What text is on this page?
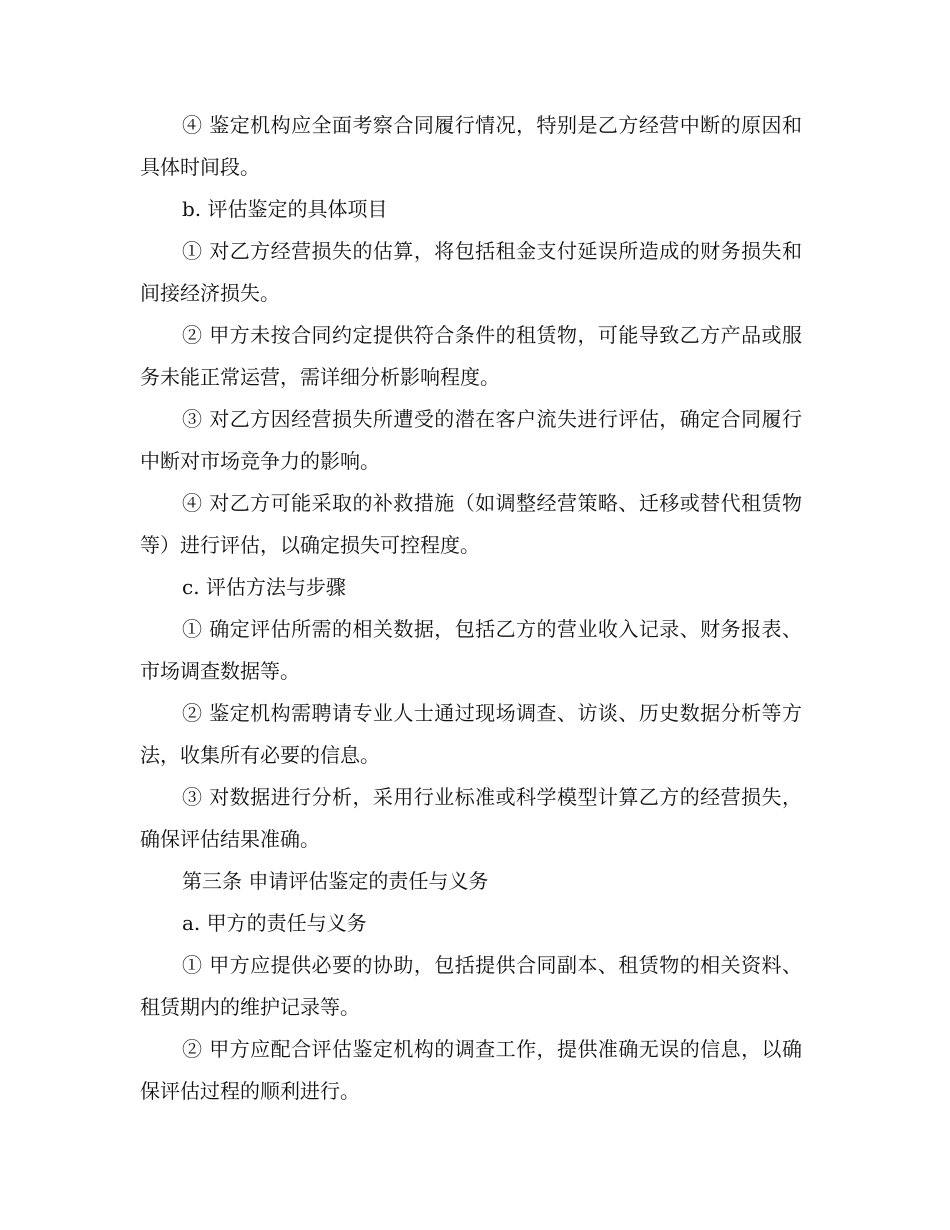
④ 鉴定机构应全面考察合同履行情况，特别是乙方经营中断的原因和具体时间段。

b. 评估鉴定的具体项目

① 对乙方经营损失的估算，将包括租金支付延误所造成的财务损失和间接经济损失。

② 甲方未按合同约定提供符合条件的租赁物，可能导致乙方产品或服务未能正常运营，需详细分析影响程度。

③ 对乙方因经营损失所遭受的潜在客户流失进行评估，确定合同履行中断对市场竞争力的影响。

④ 对乙方可能采取的补救措施（如调整经营策略、迁移或替代租赁物等）进行评估，以确定损失可控程度。

c. 评估方法与步骤

① 确定评估所需的相关数据，包括乙方的营业收入记录、财务报表、市场调查数据等。

② 鉴定机构需聘请专业人士通过现场调查、访谈、历史数据分析等方法，收集所有必要的信息。

③ 对数据进行分析，采用行业标准或科学模型计算乙方的经营损失，确保评估结果准确。

第三条 申请评估鉴定的责任与义务

a. 甲方的责任与义务

① 甲方应提供必要的协助，包括提供合同副本、租赁物的相关资料、租赁期内的维护记录等。

② 甲方应配合评估鉴定机构的调查工作，提供准确无误的信息，以确保评估过程的顺利进行。
